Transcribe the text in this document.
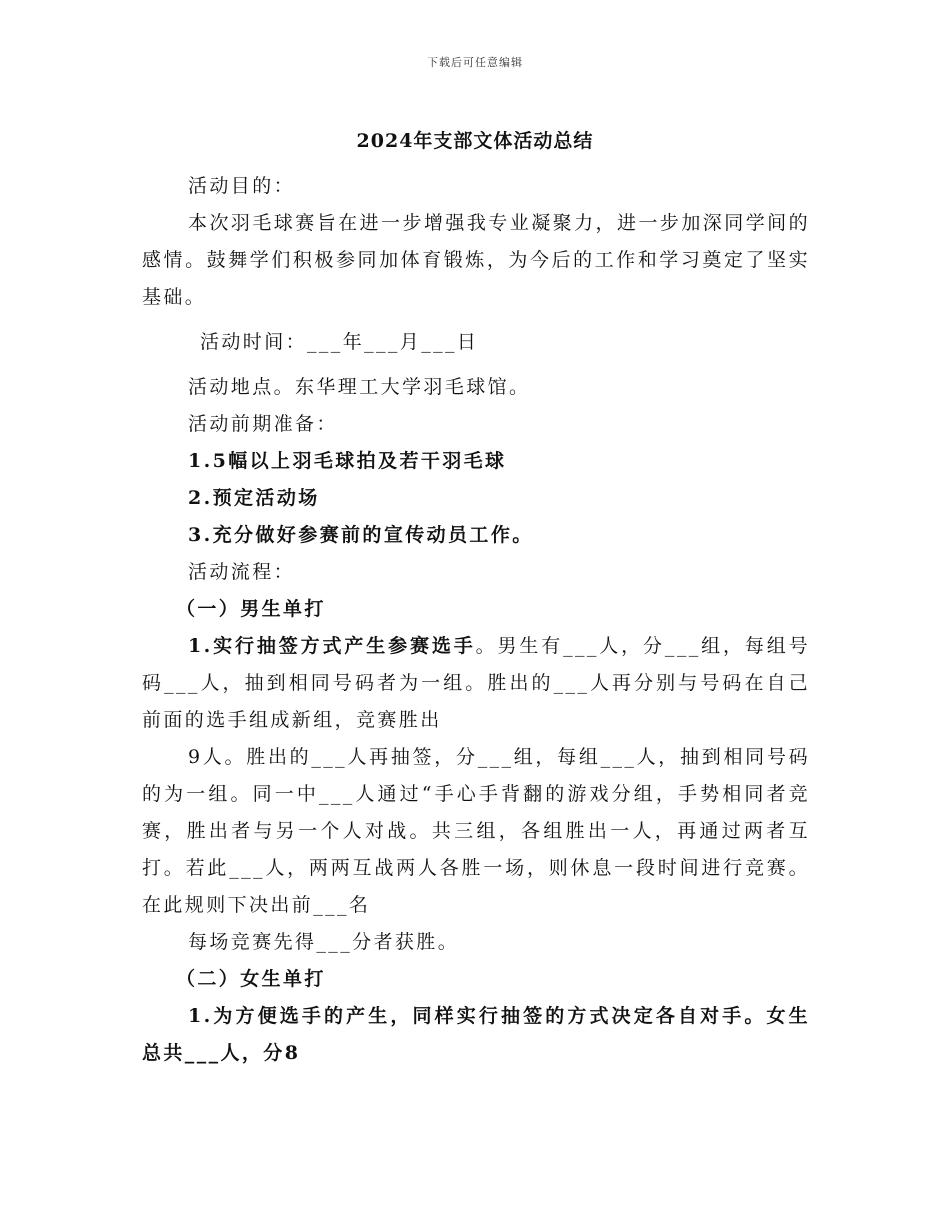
下载后可任意编辑
2024年支部文体活动总结

活动目的：

本次羽毛球赛旨在进一步增强我专业凝聚力，进一步加深同学间的感情。鼓舞学们积极参同加体育锻炼，为今后的工作和学习奠定了坚实基础。

活动时间：___年___月___日

活动地点。东华理工大学羽毛球馆。

活动前期准备：

1.5幅以上羽毛球拍及若干羽毛球

2.预定活动场

3.充分做好参赛前的宣传动员工作。

活动流程：

（一）男生单打

1.实行抽签方式产生参赛选手。男生有___人，分___组，每组号码___人，抽到相同号码者为一组。胜出的___人再分别与号码在自己前面的选手组成新组，竞赛胜出

9人。胜出的___人再抽签，分___组，每组___人，抽到相同号码的为一组。同一中___人通过“手心手背翻的游戏分组，手势相同者竞赛，胜出者与另一个人对战。共三组，各组胜出一人，再通过两者互打。若此___人，两两互战两人各胜一场，则休息一段时间进行竞赛。在此规则下决出前___名

每场竞赛先得___分者获胜。

（二）女生单打

1.为方便选手的产生，同样实行抽签的方式决定各自对手。女生总共___人，分8
